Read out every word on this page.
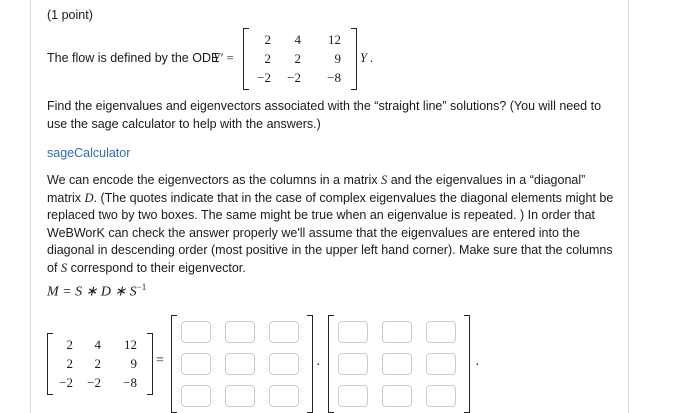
(1 point)
The flow is defined by the ODE
Y′ =
2	4	12
2	2	9
−2	−2	−8
Y .
Find the eigenvalues and eigenvectors associated with the “straight line” solutions? (You will need to use the sage calculator to help with the answers.)
sageCalculator
We can encode the eigenvectors as the columns in a matrix S and the eigenvalues in a “diagonal” matrix D. (The quotes indicate that in the case of complex eigenvalues the diagonal elements might be replaced two by two boxes. The same might be true when an eigenvalue is repeated. ) In order that WeBWorK can check the answer properly we'll assume that the eigenvalues are entered into the diagonal in descending order (most positive in the upper left hand corner). Make sure that the columns of S correspond to their eigenvector.
M = S ∗ D ∗ $S^{-1}$
2	4	12
2	2	9
−2	−2	−8
=	·	·
